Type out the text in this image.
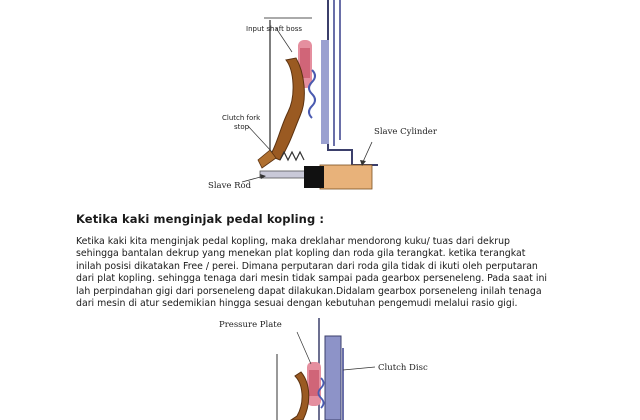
Input shaft boss
Clutch fork
stop	Slave Cylinder
Slave Rod
Ketika kaki menginjak pedal kopling :

Ketika kaki kita menginjak pedal kopling, maka dreklahar mendorong kuku/ tuas dari dekrup
sehingga bantalan dekrup yang menekan plat kopling dan roda gila terangkat. ketika terangkat
inilah posisi dikatakan Free / perei. Dimana perputaran dari roda gila tidak di ikuti oleh perputaran
dari plat kopling. sehingga tenaga dari mesin tidak sampai pada gearbox perseneleng. Pada saat ini
lah perpindahan gigi dari porseneleng dapat dilakukan.Didalam gearbox porseneleng inilah tenaga
dari mesin di atur sedemikian hingga sesuai dengan kebutuhan pengemudi melalui rasio gigi.

Pressure Plate
Clutch Disc
